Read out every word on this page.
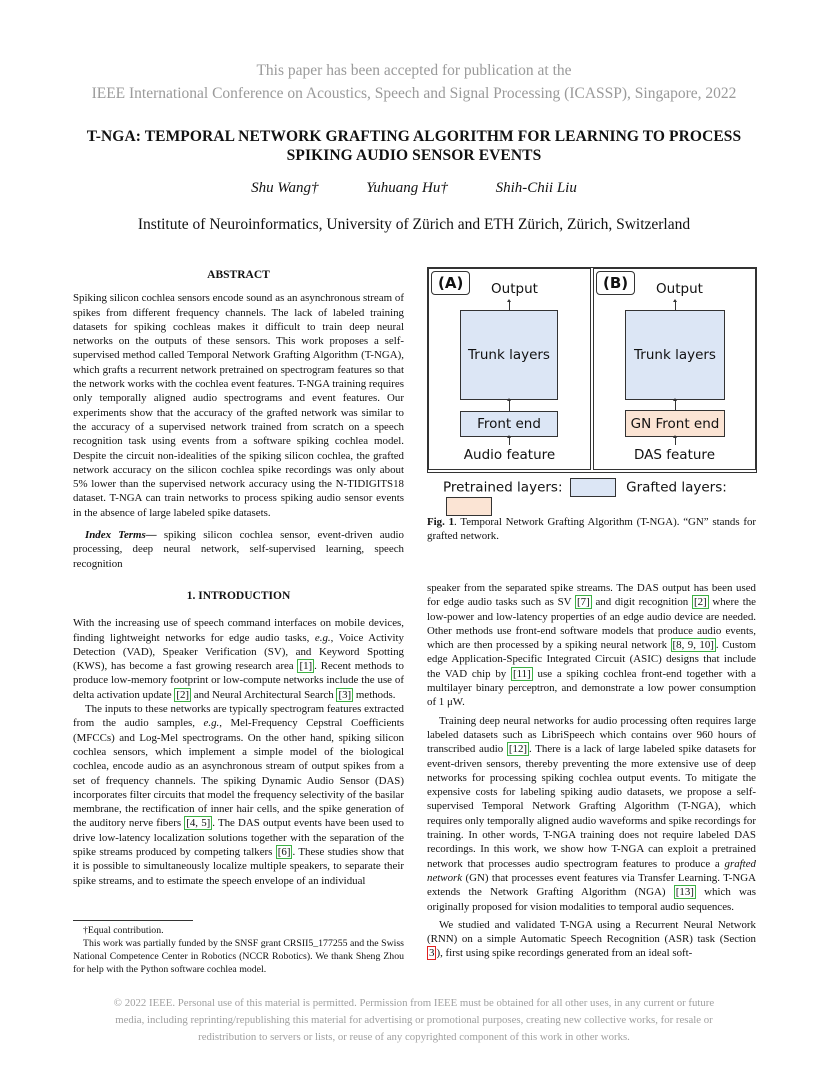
This paper has been accepted for publication at the
IEEE International Conference on Acoustics, Speech and Signal Processing (ICASSP), Singapore, 2022
T-NGA: TEMPORAL NETWORK GRAFTING ALGORITHM FOR LEARNING TO PROCESS
SPIKING AUDIO SENSOR EVENTS
Shu Wang†	Yuhuang Hu†	Shih-Chii Liu
Institute of Neuroinformatics, University of Zürich and ETH Zürich, Zürich, Switzerland
ABSTRACT

Spiking silicon cochlea sensors encode sound as an asynchronous stream of spikes from different frequency channels. The lack of labeled training datasets for spiking cochleas makes it difficult to train deep neural networks on the outputs of these sensors. This work proposes a self-supervised method called Temporal Network Grafting Algorithm (T-NGA), which grafts a recurrent network pretrained on spectrogram features so that the network works with the cochlea event features. T-NGA training requires only temporally aligned audio spectrograms and event features. Our experiments show that the accuracy of the grafted network was similar to the accuracy of a supervised network trained from scratch on a speech recognition task using events from a software spiking cochlea model. Despite the circuit non-idealities of the spiking silicon cochlea, the grafted network accuracy on the silicon cochlea spike recordings was only about 5% lower than the supervised network accuracy using the N-TIDIGITS18 dataset. T-NGA can train networks to process spiking audio sensor events in the absence of large labeled spike datasets.

Index Terms— spiking silicon cochlea sensor, event-driven audio processing, deep neural network, self-supervised learning, speech recognition

1. INTRODUCTION

With the increasing use of speech command interfaces on mobile devices, finding lightweight networks for edge audio tasks, e.g., Voice Activity Detection (VAD), Speaker Verification (SV), and Keyword Spotting (KWS), has become a fast growing research area [1] . Recent methods to produce low-memory footprint or low-compute networks include the use of delta activation update [2] and Neural Architectural Search [3] methods.

The inputs to these networks are typically spectrogram features extracted from the audio samples, e.g., Mel-Frequency Cepstral Coefficients (MFCCs) and Log-Mel spectrograms. On the other hand, spiking silicon cochlea sensors, which implement a simple model of the biological cochlea, encode audio as an asynchronous stream of output spikes from a set of frequency channels. The spiking Dynamic Audio Sensor (DAS) incorporates filter circuits that model the frequency selectivity of the basilar membrane, the rectification of inner hair cells, and the spike generation of the auditory nerve fibers [4, 5] . The DAS output events have been used to drive low-latency localization solutions together with the separation of the spike streams produced by competing talkers [6] . These studies show that it is possible to simultaneously localize multiple speakers, to separate their spike streams, and to estimate the speech envelope of an individual

†Equal contribution.
This work was partially funded by the SNSF grant CRSII5_177255 and the Swiss National Competence Center in Robotics (NCCR Robotics). We thank Sheng Zhou for help with the Python software cochlea model.
(A)	Output
Trunk layers
Front end
Audio feature
(B)	Output
Trunk layers
GN Front end
DAS feature
Pretrained layers:	Grafted layers:
Fig. 1. Temporal Network Grafting Algorithm (T-NGA). “GN” stands for grafted network.

speaker from the separated spike streams. The DAS output has been used for edge audio tasks such as SV [7] and digit recognition [2] where the low-power and low-latency properties of an edge audio device are needed. Other methods use front-end software models that produce audio events, which are then processed by a spiking neural network [8, 9, 10] . Custom edge Application-Specific Integrated Circuit (ASIC) designs that include the VAD chip by [11] use a spiking cochlea front-end together with a multilayer binary perceptron, and demonstrate a low power consumption of 1 μW.

Training deep neural networks for audio processing often requires large labeled datasets such as LibriSpeech which contains over 960 hours of transcribed audio [12] . There is a lack of large labeled spike datasets for event-driven sensors, thereby preventing the more extensive use of deep networks for processing spiking cochlea output events. To mitigate the expensive costs for labeling spiking audio datasets, we propose a self-supervised Temporal Network Grafting Algorithm (T-NGA), which requires only temporally aligned audio waveforms and spike recordings for training. In other words, T-NGA training does not require labeled DAS recordings. In this work, we show how T-NGA can exploit a pretrained network that processes audio spectrogram features to produce a grafted network (GN) that processes event features via Transfer Learning. T-NGA extends the Network Grafting Algorithm (NGA) [13] which was originally proposed for vision modalities to temporal audio sequences.

We studied and validated T-NGA using a Recurrent Neural Network (RNN) on a simple Automatic Speech Recognition (ASR) task (Section 3 ), first using spike recordings generated from an ideal soft-

© 2022 IEEE. Personal use of this material is permitted. Permission from IEEE must be obtained for all other uses, in any current or future
media, including reprinting/republishing this material for advertising or promotional purposes, creating new collective works, for resale or
redistribution to servers or lists, or reuse of any copyrighted component of this work in other works.
